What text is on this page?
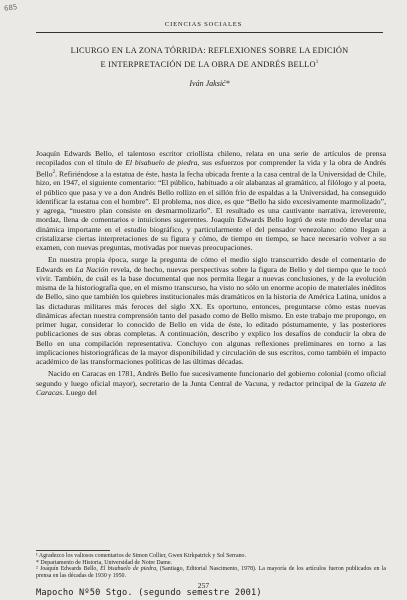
685
CIENCIAS SOCIALES
LICURGO EN LA ZONA TÓRRIDA: REFLEXIONES SOBRE LA EDICIÓN
E INTERPRETACIÓN DE LA OBRA DE ANDRÉS BELLO$^1$
Iván Jaksić*

Joaquín Edwards Bello, el talentoso escritor criollista chileno, relata en una serie de artículos de prensa recopilados con el título de El bisabuelo de piedra, sus esfuerzos por comprender la vida y la obra de Andrés Bello$^2$. Refiriéndose a la estatua de éste, hasta la fecha ubicada frente a la casa central de la Universidad de Chile, hizo, en 1947, el siguiente comentario: “El público, habituado a oír alabanzas al gramático, al filólogo y al poeta, el público que pasa y ve a don Andrés Bello rollizo en el sillón frío de espaldas a la Universidad, ha conseguido identificar la estatua con el hombre”. El problema, nos dice, es que “Bello ha sido excesivamente marmolizado”, y agrega, “nuestro plan consiste en desmarmolizarlo”. El resultado es una cautivante narrativa, irreverente, mordaz, llena de comentarios e intuiciones sugerentes. Joaquín Edwards Bello logró de este modo develar una dinámica importante en el estudio biográfico, y particularmente el del pensador venezolano: cómo llegan a cristalizarse ciertas interpretaciones de su figura y cómo, de tiempo en tiempo, se hace necesario volver a su examen, con nuevas preguntas, motivadas por nuevas preocupaciones.

En nuestra propia época, surge la pregunta de cómo el medio siglo transcurrido desde el comentario de Edwards en La Nación revela, de hecho, nuevas perspectivas sobre la figura de Bello y del tiempo que le tocó vivir. También, de cuál es la base documental que nos permita llegar a nuevas conclusiones, y de la evolución misma de la historiografía que, en el mismo transcurso, ha visto no sólo un enorme acopio de materiales inéditos de Bello, sino que también los quiebres institucionales más dramáticos en la historia de América Latina, unidos a las dictaduras militares más feroces del siglo XX. Es oportuno, entonces, preguntarse cómo estas nuevas dinámicas afectan nuestra comprensión tanto del pasado como de Bello mismo. En este trabajo me propongo, en primer lugar, considerar lo conocido de Bello en vida de éste, lo editado póstumamente, y las posteriores publicaciones de sus obras completas. A continuación, describo y explico los desafíos de conducir la obra de Bello en una compilación representativa. Concluyo con algunas reflexiones preliminares en torno a las implicaciones historiográficas de la mayor disponibilidad y circulación de sus escritos, como también el impacto académico de las transformaciones políticas de las últimas décadas.

Nacido en Caracas en 1781, Andrés Bello fue sucesivamente funcionario del gobierno colonial (como oficial segundo y luego oficial mayor), secretario de la Junta Central de Vacuna, y redactor principal de la Gazeta de Caracas. Luego del

¹ Agradezco los valiosos comentarios de Simon Collier, Gwen Kirkpatrick y Sol Serrano.
* Departamento de Historia, Universidad de Notre Dame.
² Joaquín Edwards Bello, El bisabuelo de piedra, (Santiago, Editorial Nascimento, 1978). La mayoría de los artículos fueron publicados en la prensa en las décadas de 1930 y 1950.
257
Mapocho Nº50 Stgo. (segundo semestre 2001)
